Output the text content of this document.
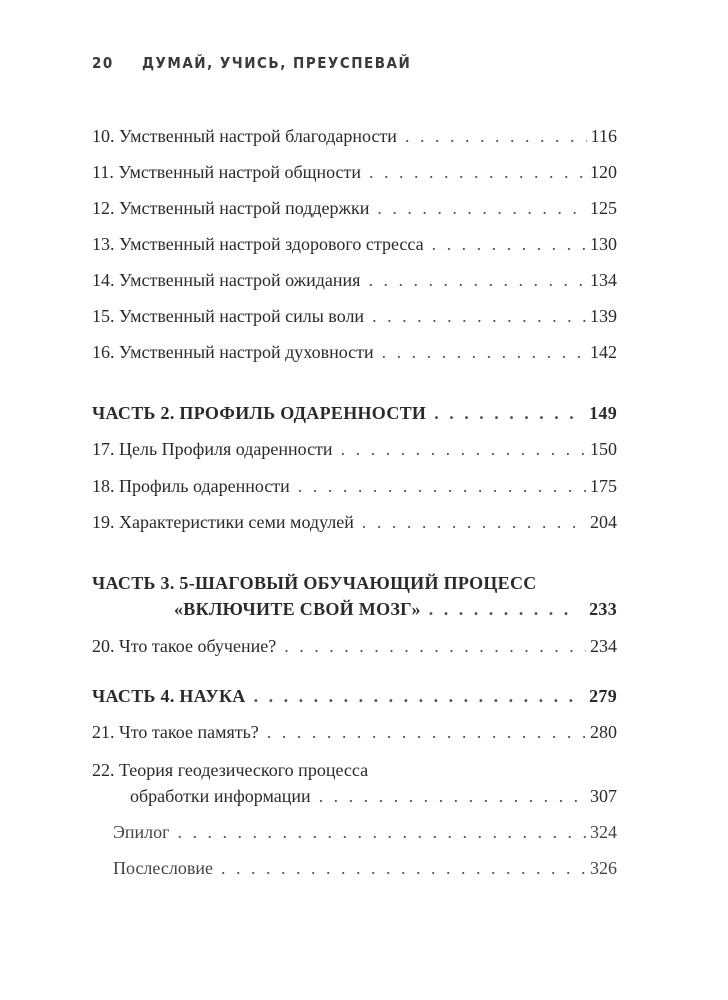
20 ДУМАЙ, УЧИСЬ, ПРЕУСПЕВАЙ
10. Умственный настрой благодарности . . .	116
11. Умственный настрой общности . . .	120
12. Умственный настрой поддержки . . .	125
13. Умственный настрой здорового стресса . . .	130
14. Умственный настрой ожидания . . .	134
15. Умственный настрой силы воли . . .	139
16. Умственный настрой духовности . . .	142
ЧАСТЬ 2. ПРОФИЛЬ ОДАРЕННОСТИ . . .	149
17. Цель Профиля одаренности . . .	150
18. Профиль одаренности . . .	175
19. Характеристики семи модулей . . .	204
ЧАСТЬ 3. 5-ШАГОВЫЙ ОБУЧАЮЩИЙ ПРОЦЕСС
«ВКЛЮЧИТЕ СВОЙ МОЗГ» . . .	233
20. Что такое обучение? . . .	234
ЧАСТЬ 4. НАУКА . . .	279
21. Что такое память? . . .	280
22. Теория геодезического процесса
обработки информации . . .	307
Эпилог . . .	324
Послесловие . . .	326
